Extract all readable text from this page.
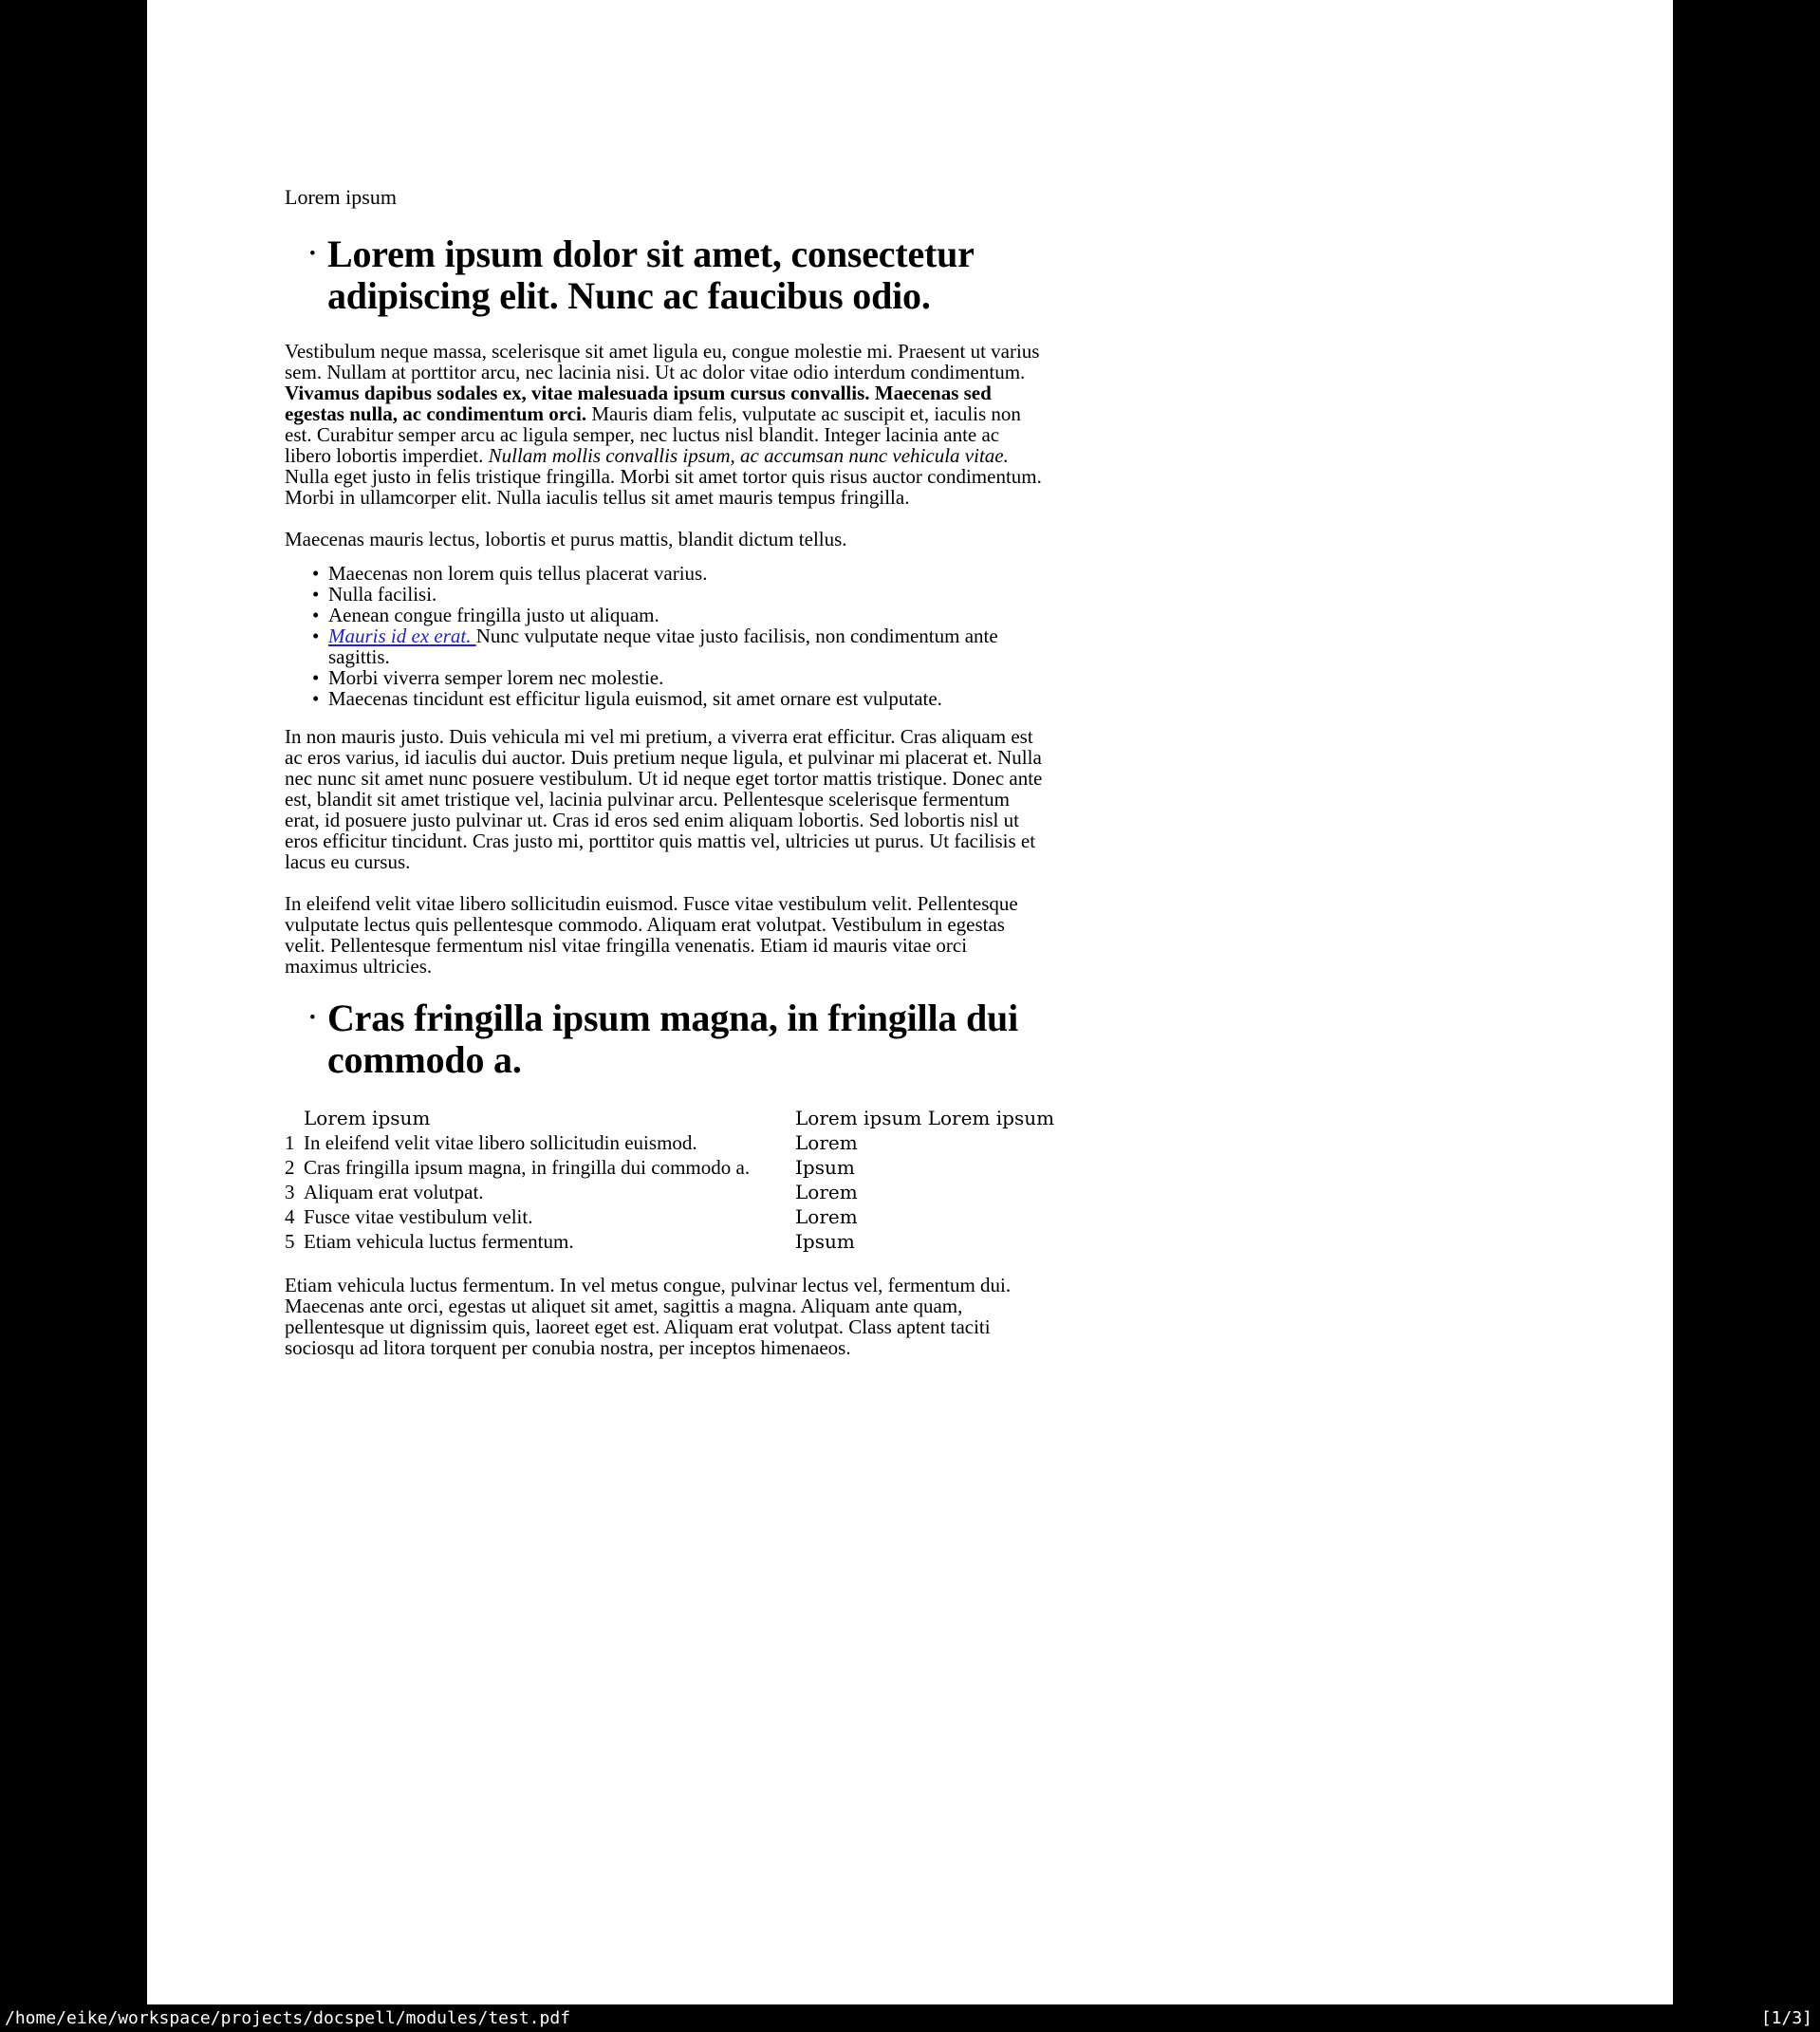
Lorem ipsum
• Lorem ipsum dolor sit amet, consectetur adipiscing elit. Nunc ac faucibus odio.

Vestibulum neque massa, scelerisque sit amet ligula eu, congue molestie mi. Praesent ut varius sem. Nullam at porttitor arcu, nec lacinia nisi. Ut ac dolor vitae odio interdum condimentum. Vivamus dapibus sodales ex, vitae malesuada ipsum cursus convallis. Maecenas sed egestas nulla, ac condimentum orci. Mauris diam felis, vulputate ac suscipit et, iaculis non est. Curabitur semper arcu ac ligula semper, nec luctus nisl blandit. Integer lacinia ante ac libero lobortis imperdiet. Nullam mollis convallis ipsum, ac accumsan nunc vehicula vitae. Nulla eget justo in felis tristique fringilla. Morbi sit amet tortor quis risus auctor condimentum. Morbi in ullamcorper elit. Nulla iaculis tellus sit amet mauris tempus fringilla.

Maecenas mauris lectus, lobortis et purus mattis, blandit dictum tellus.

• Maecenas non lorem quis tellus placerat varius.
• Nulla facilisi.
• Aenean congue fringilla justo ut aliquam.
• Mauris id ex erat. Nunc vulputate neque vitae justo facilisis, non condimentum ante sagittis.
• Morbi viverra semper lorem nec molestie.
• Maecenas tincidunt est efficitur ligula euismod, sit amet ornare est vulputate.

In non mauris justo. Duis vehicula mi vel mi pretium, a viverra erat efficitur. Cras aliquam est ac eros varius, id iaculis dui auctor. Duis pretium neque ligula, et pulvinar mi placerat et. Nulla nec nunc sit amet nunc posuere vestibulum. Ut id neque eget tortor mattis tristique. Donec ante est, blandit sit amet tristique vel, lacinia pulvinar arcu. Pellentesque scelerisque fermentum erat, id posuere justo pulvinar ut. Cras id eros sed enim aliquam lobortis. Sed lobortis nisl ut eros efficitur tincidunt. Cras justo mi, porttitor quis mattis vel, ultricies ut purus. Ut facilisis et lacus eu cursus.

In eleifend velit vitae libero sollicitudin euismod. Fusce vitae vestibulum velit. Pellentesque vulputate lectus quis pellentesque commodo. Aliquam erat volutpat. Vestibulum in egestas velit. Pellentesque fermentum nisl vitae fringilla venenatis. Etiam id mauris vitae orci maximus ultricies.

• Cras fringilla ipsum magna, in fringilla dui commodo a.
Lorem ipsum	Lorem ipsum Lorem ipsum
1 In eleifend velit vitae libero sollicitudin euismod.	Lorem
2 Cras fringilla ipsum magna, in fringilla dui commodo a.	Ipsum
3 Aliquam erat volutpat.	Lorem
4 Fusce vitae vestibulum velit.	Lorem
5 Etiam vehicula luctus fermentum.	Ipsum

Etiam vehicula luctus fermentum. In vel metus congue, pulvinar lectus vel, fermentum dui. Maecenas ante orci, egestas ut aliquet sit amet, sagittis a magna. Aliquam ante quam, pellentesque ut dignissim quis, laoreet eget est. Aliquam erat volutpat. Class aptent taciti sociosqu ad litora torquent per conubia nostra, per inceptos himenaeos.

/home/eike/workspace/projects/docspell/modules/test.pdf	[1/3]
